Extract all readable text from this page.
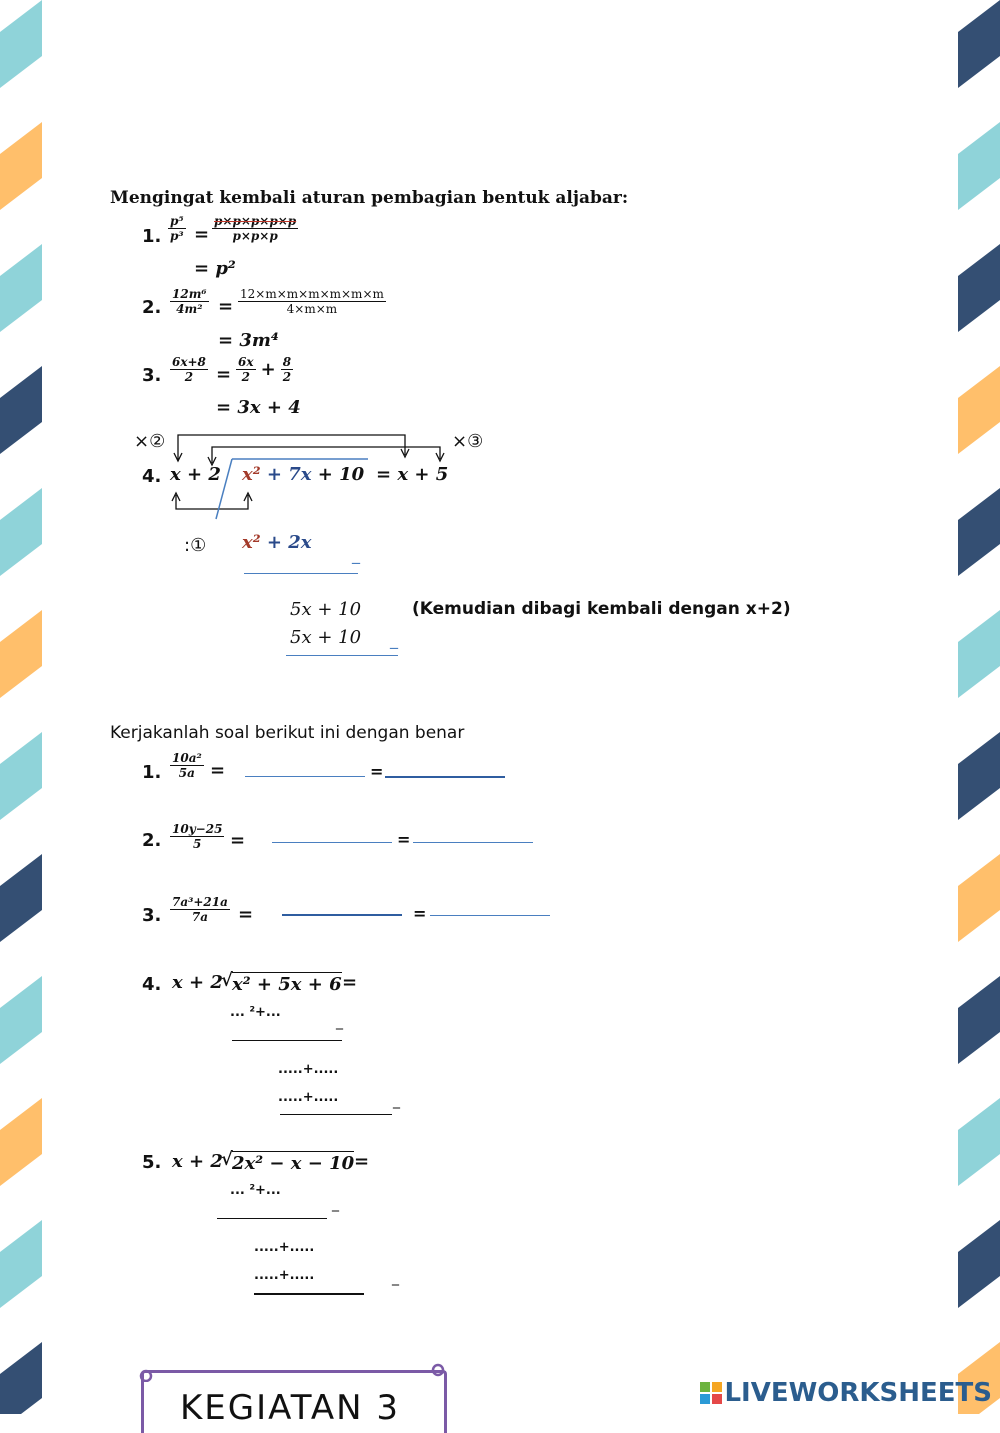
Mengingat kembali aturan pembagian bentuk aljabar:
1. $\frac{\text{p⁵}}{\text{p³}} = \frac{p\times p\times p\times p\times p}{p\times p\times p}$
= p²
2. $\frac{\text{12m⁶}}{\text{4m²}} = \frac{12\times m\times m\times m\times m\times m\times m}{4\times m\times m}$
= 3m⁴
3. $\frac{6x+8}{2} = \frac{6x}{2} + \frac{8}{2}$
= 3x + 4
×②	×③
4. x + 2 x² + 7x + 10 = x + 5
:① x² + 2x
_
5x + 10	(Kemudian dibagi kembali dengan x+2)
5x + 10 _
Kerjakanlah soal berikut ini dengan benar
1. $\frac{\text{10a²}}{5a}$ =	=
2. $\frac{10y-25}{5}$ =	=
3. $\frac{\text{7a³+21a}}{7a}$ =	=
4. x + 2
√ x² + 5x + 6 =
... ²+...
_
.....+.....
.....+.....	_
5. x + 2
√ 2x² − x − 10 =
... ²+...
_
.....+.....
.....+.....	_
KEGIATAN 3	LIVEWORKSHEETS
